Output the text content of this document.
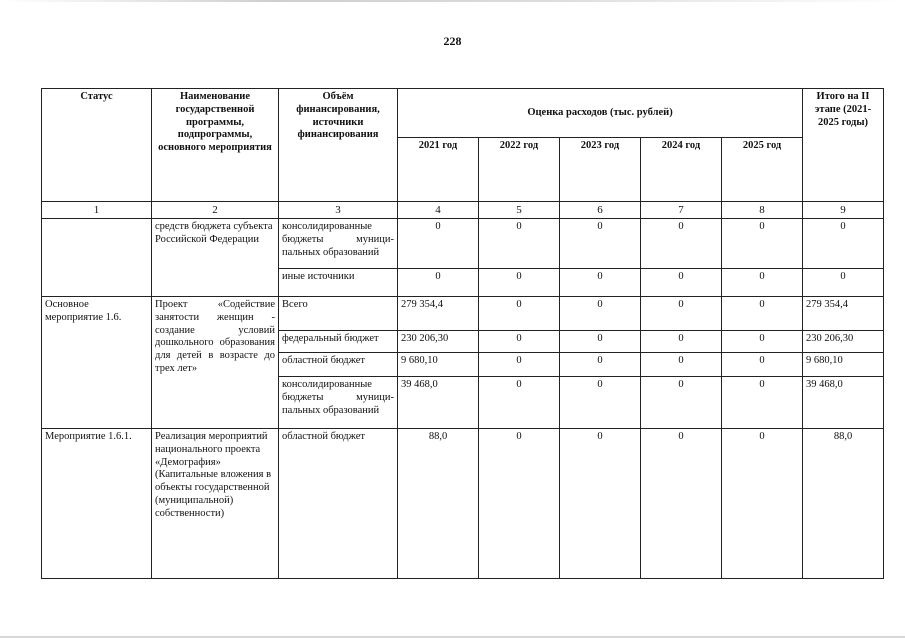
228
Статус	Наименование государственной программы, подпрограммы, основного мероприятия	Объём финансирования, источники финансирования	Оценка расходов (тыс. рублей)					Итого на II этапе (2021-2025 годы)
			2021 год	2022 год	2023 год	2024 год	2025 год	
1	2	3	4	5	6	7	8	9
	средств бюджета субъекта Российской Федерации	консолидированные бюджеты муници-пальных образований	0	0	0	0	0	0
		иные источники	0	0	0	0	0	0
Основное мероприятие 1.6.	Проект «Содействие занятости женщин - создание условий дошкольного образования для детей в возрасте до трех лет»	Всего	279 354,4	0	0	0	0	279 354,4
		федеральный бюджет	230 206,30	0	0	0	0	230 206,30
		областной бюджет	9 680,10	0	0	0	0	9 680,10
		консолидированные бюджеты муници-пальных образований	39 468,0	0	0	0	0	39 468,0
Мероприятие 1.6.1.	Реализация мероприятий национального проекта «Демография» (Капитальные вложения в объекты государственной (муниципальной) собственности)	областной бюджет	88,0	0	0	0	0	88,0
